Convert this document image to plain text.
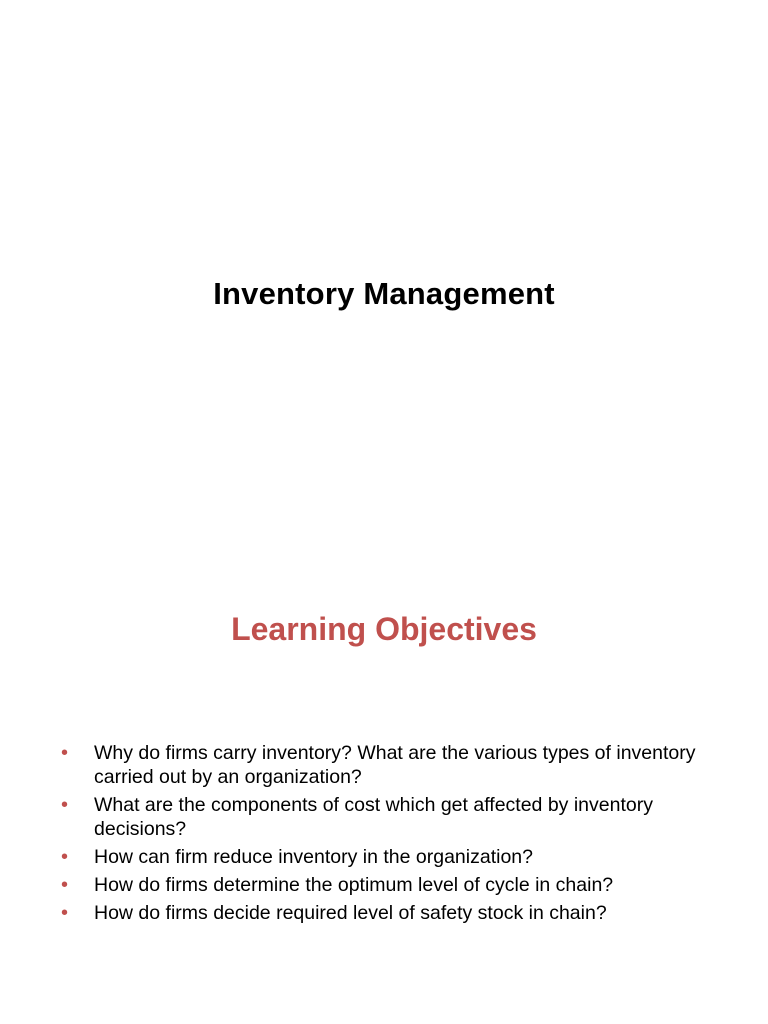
Inventory Management
Learning Objectives
• Why do firms carry inventory? What are the various types of inventory carried out by an organization?
• What are the components of cost which get affected by inventory decisions?
• How can firm reduce inventory in the organization?
• How do firms determine the optimum level of cycle in chain?
• How do firms decide required level of safety stock in chain?
